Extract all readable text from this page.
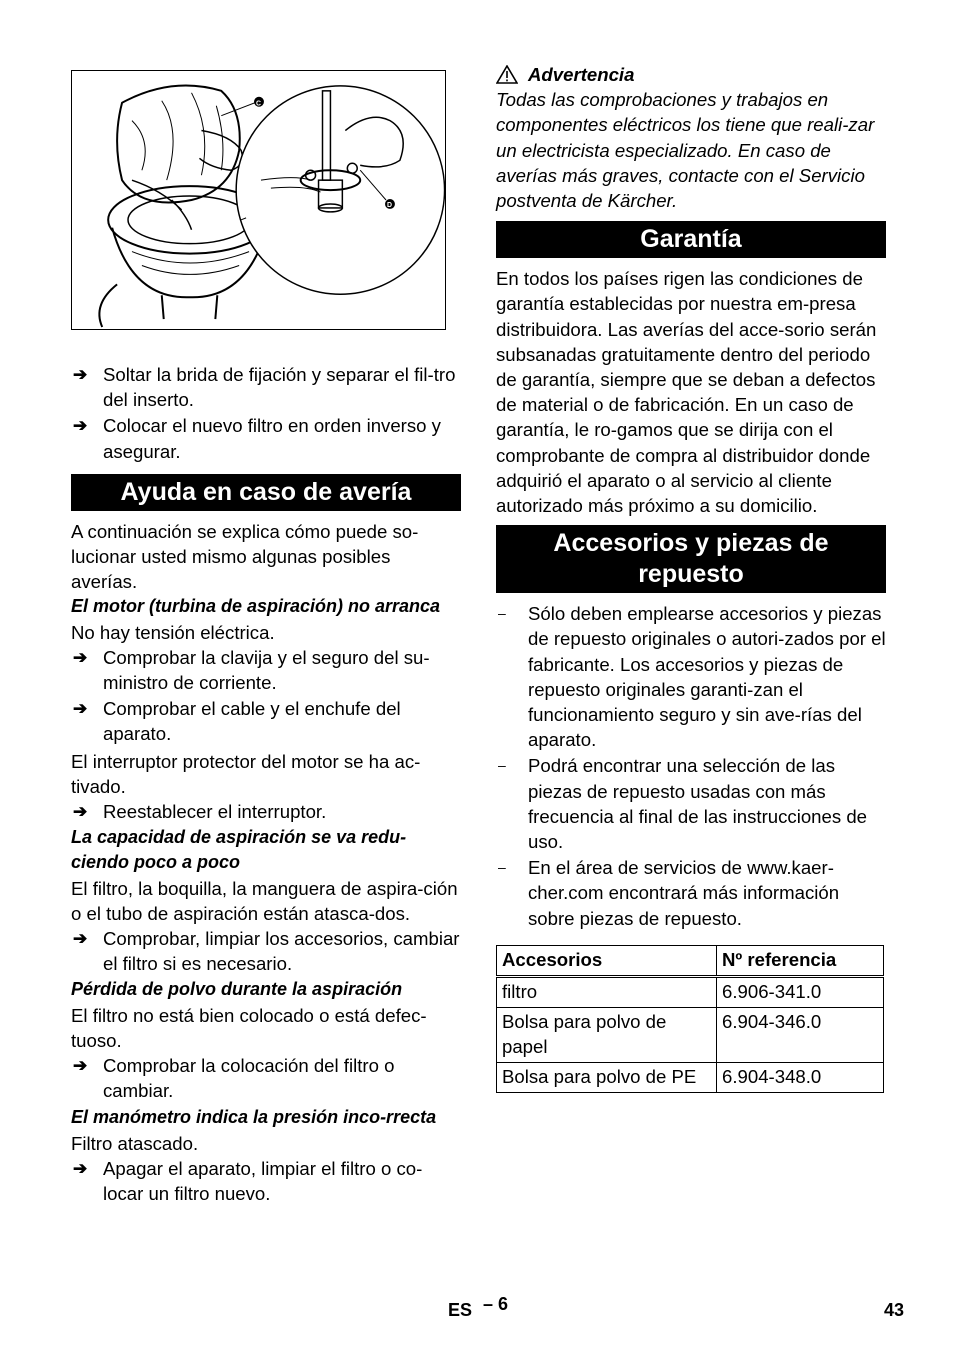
C
D
➔ Soltar la brida de fijación y separar el fil-tro del inserto.
➔ Colocar el nuevo filtro en orden inverso y asegurar.
Ayuda en caso de avería

A continuación se explica cómo puede so-lucionar usted mismo algunas posibles averías.

El motor (turbina de aspiración) no arranca

No hay tensión eléctrica.

➔ Comprobar la clavija y el seguro del su-ministro de corriente.
➔ Comprobar el cable y el enchufe del aparato.

El interruptor protector del motor se ha ac-tivado.

➔ Reestablecer el interruptor.

La capacidad de aspiración se va redu-ciendo poco a poco

El filtro, la boquilla, la manguera de aspira-ción o el tubo de aspiración están atasca-dos.

➔ Comprobar, limpiar los accesorios, cambiar el filtro si es necesario.

Pérdida de polvo durante la aspiración

El filtro no está bien colocado o está defec-tuoso.

➔ Comprobar la colocación del filtro o cambiar.

El manómetro indica la presión inco-rrecta

Filtro atascado.

➔ Apagar el aparato, limpiar el filtro o co-locar un filtro nuevo.
Advertencia

Todas las comprobaciones y trabajos en componentes eléctricos los tiene que reali-zar un electricista especializado. En caso de averías más graves, contacte con el Servicio postventa de Kärcher.

Garantía

En todos los países rigen las condiciones de garantía establecidas por nuestra em-presa distribuidora. Las averías del acce-sorio serán subsanadas gratuitamente dentro del periodo de garantía, siempre que se deban a defectos de material o de fabricación. En un caso de garantía, le ro-gamos que se dirija con el comprobante de compra al distribuidor donde adquirió el aparato o al servicio al cliente autorizado más próximo a su domicilio.

Accesorios y piezas de repuesto
–	Sólo deben emplearse accesorios y piezas de repuesto originales o autori-zados por el fabricante. Los accesorios y piezas de repuesto originales garanti-zan el funcionamiento seguro y sin ave-rías del aparato.
–	Podrá encontrar una selección de las piezas de repuesto usadas con más frecuencia al final de las instrucciones de uso.
–	En el área de servicios de www.kaer-cher.com encontrará más información sobre piezas de repuesto.
Accesorios	Nº referencia
filtro	6.906-341.0
Bolsa para polvo de papel	6.904-346.0
Bolsa para polvo de PE	6.904-348.0
ES – 6	43
